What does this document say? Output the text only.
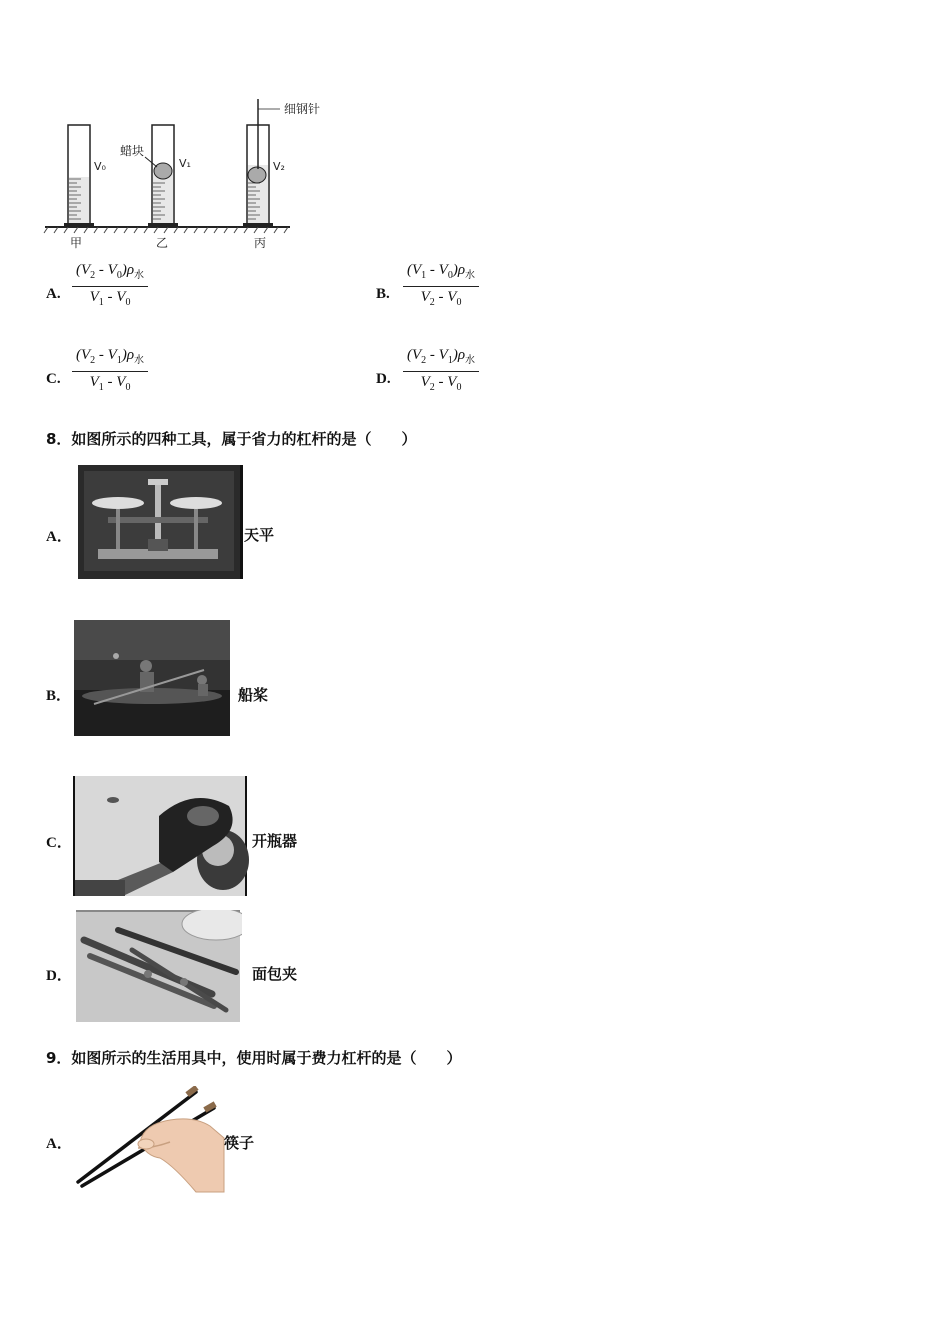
细钢针
蜡块
V₀	V₁	V₂
甲	乙	丙
A.
$(V_2 - V_0)\rho_水$
$V_1 - V_0$
B.
$(V_1 - V_0)\rho_水$
$V_2 - V_0$
C.
$(V_2 - V_1)\rho_水$
$V_1 - V_0$
D.
$(V_2 - V_1)\rho_水$
$V_2 - V_0$
8．如图所示的四种工具，属于省力的杠杆的是（　　）
A．	天平
B．	船桨
C．	开瓶器
D．	面包夹
9．如图所示的生活用具中，使用时属于费力杠杆的是（　　）
A．	筷子
